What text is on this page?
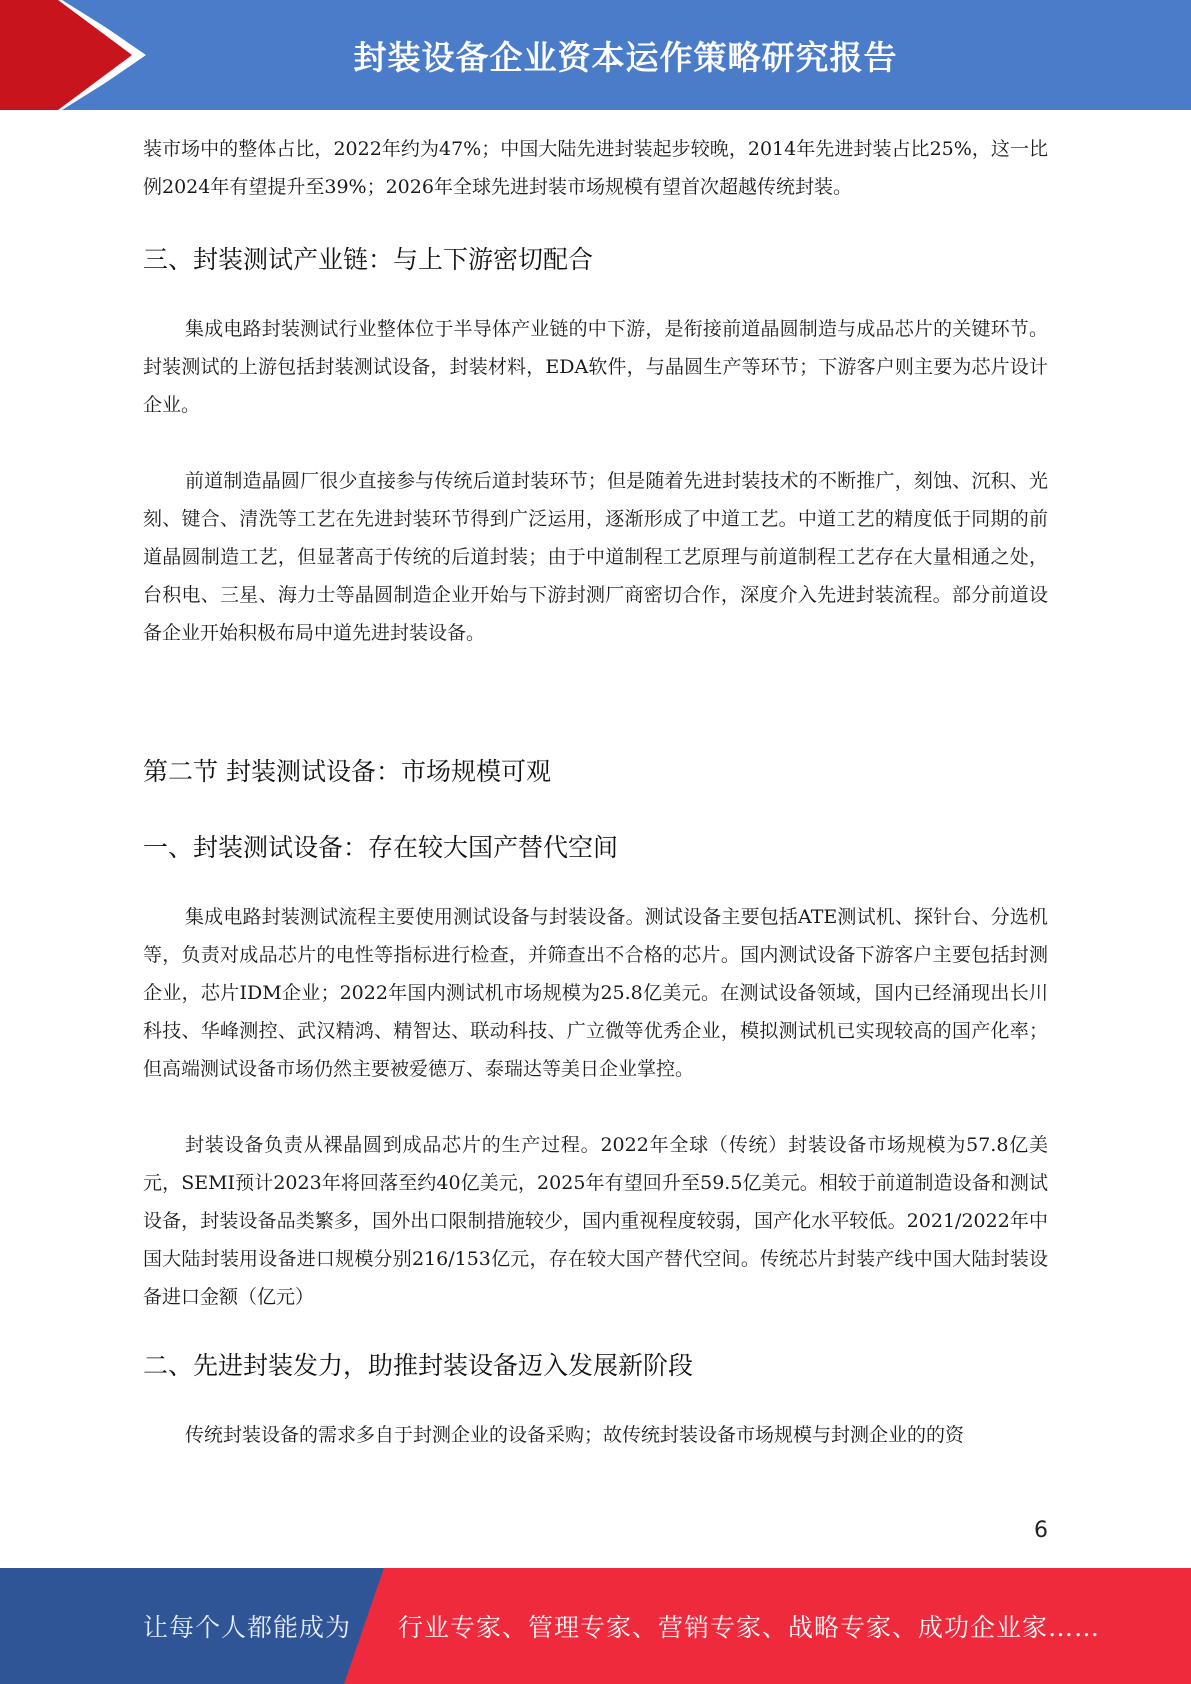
封装设备企业资本运作策略研究报告

装市场中的整体占比，2022年约为47%；中国大陆先进封装起步较晚，2014年先进封装占比25%，这一比例2024年有望提升至39%；2026年全球先进封装市场规模有望首次超越传统封装。

三、封装测试产业链：与上下游密切配合

集成电路封装测试行业整体位于半导体产业链的中下游，是衔接前道晶圆制造与成品芯片的关键环节。封装测试的上游包括封装测试设备，封装材料，EDA软件，与晶圆生产等环节；下游客户则主要为芯片设计企业。

前道制造晶圆厂很少直接参与传统后道封装环节；但是随着先进封装技术的不断推广，刻蚀、沉积、光刻、键合、清洗等工艺在先进封装环节得到广泛运用，逐渐形成了中道工艺。中道工艺的精度低于同期的前道晶圆制造工艺，但显著高于传统的后道封装；由于中道制程工艺原理与前道制程工艺存在大量相通之处，台积电、三星、海力士等晶圆制造企业开始与下游封测厂商密切合作，深度介入先进封装流程。部分前道设备企业开始积极布局中道先进封装设备。

第二节 封装测试设备：市场规模可观
一、封装测试设备：存在较大国产替代空间

集成电路封装测试流程主要使用测试设备与封装设备。测试设备主要包括ATE测试机、探针台、分选机等，负责对成品芯片的电性等指标进行检查，并筛查出不合格的芯片。国内测试设备下游客户主要包括封测企业，芯片IDM企业；2022年国内测试机市场规模为25.8亿美元。在测试设备领域，国内已经涌现出长川科技、华峰测控、武汉精鸿、精智达、联动科技、广立微等优秀企业，模拟测试机已实现较高的国产化率；但高端测试设备市场仍然主要被爱德万、泰瑞达等美日企业掌控。

封装设备负责从裸晶圆到成品芯片的生产过程。2022年全球（传统）封装设备市场规模为57.8亿美元，SEMI预计2023年将回落至约40亿美元，2025年有望回升至59.5亿美元。相较于前道制造设备和测试设备，封装设备品类繁多，国外出口限制措施较少，国内重视程度较弱，国产化水平较低。2021/2022年中国大陆封装用设备进口规模分别216/153亿元，存在较大国产替代空间。传统芯片封装产线中国大陆封装设备进口金额（亿元）

二、先进封装发力，助推封装设备迈入发展新阶段

传统封装设备的需求多自于封测企业的设备采购；故传统封装设备市场规模与封测企业的的资

6
让每个人都能成为 行业专家、管理专家、营销专家、战略专家、成功企业家……
